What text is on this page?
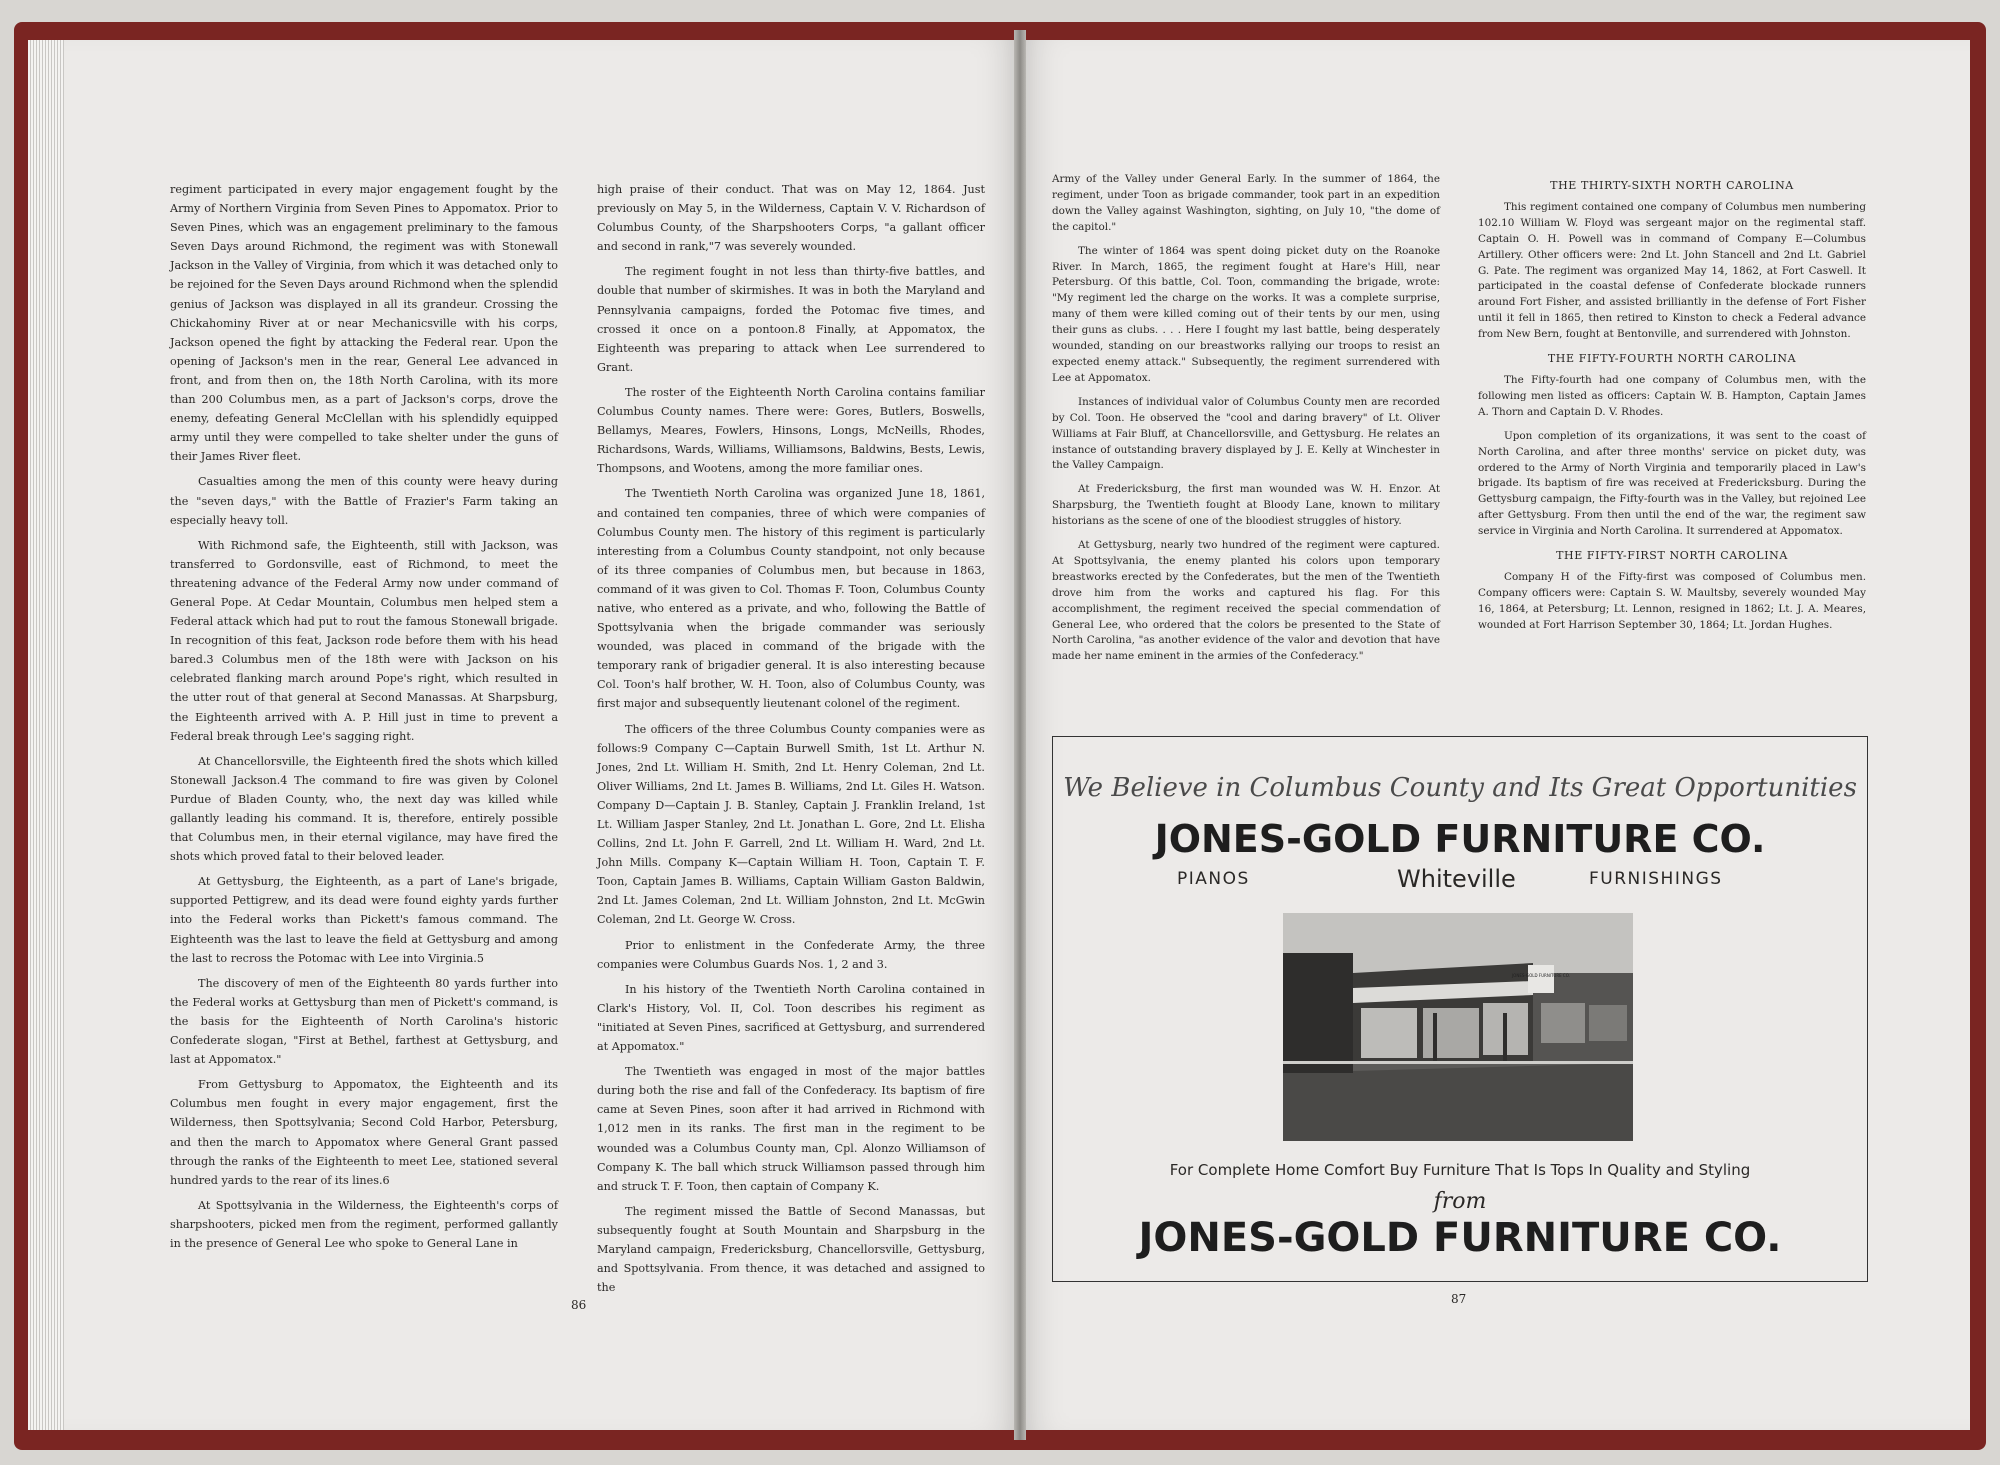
regiment participated in every major engagement fought by the Army of Northern Virginia from Seven Pines to Appomatox. Prior to Seven Pines, which was an engagement preliminary to the famous Seven Days around Richmond, the regiment was with Stonewall Jackson in the Valley of Virginia, from which it was detached only to be rejoined for the Seven Days around Richmond when the splendid genius of Jackson was displayed in all its grandeur. Crossing the Chickahominy River at or near Mechanicsville with his corps, Jackson opened the fight by attacking the Federal rear. Upon the opening of Jackson's men in the rear, General Lee advanced in front, and from then on, the 18th North Carolina, with its more than 200 Columbus men, as a part of Jackson's corps, drove the enemy, defeating General McClellan with his splendidly equipped army until they were compelled to take shelter under the guns of their James River fleet.

Casualties among the men of this county were heavy during the "seven days," with the Battle of Frazier's Farm taking an especially heavy toll.

With Richmond safe, the Eighteenth, still with Jackson, was transferred to Gordonsville, east of Richmond, to meet the threatening advance of the Federal Army now under command of General Pope. At Cedar Mountain, Columbus men helped stem a Federal attack which had put to rout the famous Stonewall brigade. In recognition of this feat, Jackson rode before them with his head bared.3 Columbus men of the 18th were with Jackson on his celebrated flanking march around Pope's right, which resulted in the utter rout of that general at Second Manassas. At Sharpsburg, the Eighteenth arrived with A. P. Hill just in time to prevent a Federal break through Lee's sagging right.

At Chancellorsville, the Eighteenth fired the shots which killed Stonewall Jackson.4 The command to fire was given by Colonel Purdue of Bladen County, who, the next day was killed while gallantly leading his command. It is, therefore, entirely possible that Columbus men, in their eternal vigilance, may have fired the shots which proved fatal to their beloved leader.

At Gettysburg, the Eighteenth, as a part of Lane's brigade, supported Pettigrew, and its dead were found eighty yards further into the Federal works than Pickett's famous command. The Eighteenth was the last to leave the field at Gettysburg and among the last to recross the Potomac with Lee into Virginia.5

The discovery of men of the Eighteenth 80 yards further into the Federal works at Gettysburg than men of Pickett's command, is the basis for the Eighteenth of North Carolina's historic Confederate slogan, "First at Bethel, farthest at Gettysburg, and last at Appomatox."

From Gettysburg to Appomatox, the Eighteenth and its Columbus men fought in every major engagement, first the Wilderness, then Spottsylvania; Second Cold Harbor, Petersburg, and then the march to Appomatox where General Grant passed through the ranks of the Eighteenth to meet Lee, stationed several hundred yards to the rear of its lines.6

At Spottsylvania in the Wilderness, the Eighteenth's corps of sharpshooters, picked men from the regiment, performed gallantly in the presence of General Lee who spoke to General Lane in

high praise of their conduct. That was on May 12, 1864. Just previously on May 5, in the Wilderness, Captain V. V. Richardson of Columbus County, of the Sharpshooters Corps, "a gallant officer and second in rank,"7 was severely wounded.

The regiment fought in not less than thirty-five battles, and double that number of skirmishes. It was in both the Maryland and Pennsylvania campaigns, forded the Potomac five times, and crossed it once on a pontoon.8 Finally, at Appomatox, the Eighteenth was preparing to attack when Lee surrendered to Grant.

The roster of the Eighteenth North Carolina contains familiar Columbus County names. There were: Gores, Butlers, Boswells, Bellamys, Meares, Fowlers, Hinsons, Longs, McNeills, Rhodes, Richardsons, Wards, Williams, Williamsons, Baldwins, Bests, Lewis, Thompsons, and Wootens, among the more familiar ones.

The Twentieth North Carolina was organized June 18, 1861, and contained ten companies, three of which were companies of Columbus County men. The history of this regiment is particularly interesting from a Columbus County standpoint, not only because of its three companies of Columbus men, but because in 1863, command of it was given to Col. Thomas F. Toon, Columbus County native, who entered as a private, and who, following the Battle of Spottsylvania when the brigade commander was seriously wounded, was placed in command of the brigade with the temporary rank of brigadier general. It is also interesting because Col. Toon's half brother, W. H. Toon, also of Columbus County, was first major and subsequently lieutenant colonel of the regiment.

The officers of the three Columbus County companies were as follows:9 Company C—Captain Burwell Smith, 1st Lt. Arthur N. Jones, 2nd Lt. William H. Smith, 2nd Lt. Henry Coleman, 2nd Lt. Oliver Williams, 2nd Lt. James B. Williams, 2nd Lt. Giles H. Watson. Company D—Captain J. B. Stanley, Captain J. Franklin Ireland, 1st Lt. William Jasper Stanley, 2nd Lt. Jonathan L. Gore, 2nd Lt. Elisha Collins, 2nd Lt. John F. Garrell, 2nd Lt. William H. Ward, 2nd Lt. John Mills. Company K—Captain William H. Toon, Captain T. F. Toon, Captain James B. Williams, Captain William Gaston Baldwin, 2nd Lt. James Coleman, 2nd Lt. William Johnston, 2nd Lt. McGwin Coleman, 2nd Lt. George W. Cross.

Prior to enlistment in the Confederate Army, the three companies were Columbus Guards Nos. 1, 2 and 3.

In his history of the Twentieth North Carolina contained in Clark's History, Vol. II, Col. Toon describes his regiment as "initiated at Seven Pines, sacrificed at Gettysburg, and surrendered at Appomatox."

The Twentieth was engaged in most of the major battles during both the rise and fall of the Confederacy. Its baptism of fire came at Seven Pines, soon after it had arrived in Richmond with 1,012 men in its ranks. The first man in the regiment to be wounded was a Columbus County man, Cpl. Alonzo Williamson of Company K. The ball which struck Williamson passed through him and struck T. F. Toon, then captain of Company K.

The regiment missed the Battle of Second Manassas, but subsequently fought at South Mountain and Sharpsburg in the Maryland campaign, Fredericksburg, Chancellorsville, Gettysburg, and Spottsylvania. From thence, it was detached and assigned to the

86

Army of the Valley under General Early. In the summer of 1864, the regiment, under Toon as brigade commander, took part in an expedition down the Valley against Washington, sighting, on July 10, "the dome of the capitol."

The winter of 1864 was spent doing picket duty on the Roanoke River. In March, 1865, the regiment fought at Hare's Hill, near Petersburg. Of this battle, Col. Toon, commanding the brigade, wrote: "My regiment led the charge on the works. It was a complete surprise, many of them were killed coming out of their tents by our men, using their guns as clubs. . . . Here I fought my last battle, being desperately wounded, standing on our breastworks rallying our troops to resist an expected enemy attack." Subsequently, the regiment surrendered with Lee at Appomatox.

Instances of individual valor of Columbus County men are recorded by Col. Toon. He observed the "cool and daring bravery" of Lt. Oliver Williams at Fair Bluff, at Chancellorsville, and Gettysburg. He relates an instance of outstanding bravery displayed by J. E. Kelly at Winchester in the Valley Campaign.

At Fredericksburg, the first man wounded was W. H. Enzor. At Sharpsburg, the Twentieth fought at Bloody Lane, known to military historians as the scene of one of the bloodiest struggles of history.

At Gettysburg, nearly two hundred of the regiment were captured. At Spottsylvania, the enemy planted his colors upon temporary breastworks erected by the Confederates, but the men of the Twentieth drove him from the works and captured his flag. For this accomplishment, the regiment received the special commendation of General Lee, who ordered that the colors be presented to the State of North Carolina, "as another evidence of the valor and devotion that have made her name eminent in the armies of the Confederacy."

THE THIRTY-SIXTH NORTH CAROLINA

This regiment contained one company of Columbus men numbering 102.10 William W. Floyd was sergeant major on the regimental staff. Captain O. H. Powell was in command of Company E—Columbus Artillery. Other officers were: 2nd Lt. John Stancell and 2nd Lt. Gabriel G. Pate. The regiment was organized May 14, 1862, at Fort Caswell. It participated in the coastal defense of Confederate blockade runners around Fort Fisher, and assisted brilliantly in the defense of Fort Fisher until it fell in 1865, then retired to Kinston to check a Federal advance from New Bern, fought at Bentonville, and surrendered with Johnston.

THE FIFTY-FOURTH NORTH CAROLINA

The Fifty-fourth had one company of Columbus men, with the following men listed as officers: Captain W. B. Hampton, Captain James A. Thorn and Captain D. V. Rhodes.

Upon completion of its organizations, it was sent to the coast of North Carolina, and after three months' service on picket duty, was ordered to the Army of North Virginia and temporarily placed in Law's brigade. Its baptism of fire was received at Fredericksburg. During the Gettysburg campaign, the Fifty-fourth was in the Valley, but rejoined Lee after Gettysburg. From then until the end of the war, the regiment saw service in Virginia and North Carolina. It surrendered at Appomatox.

THE FIFTY-FIRST NORTH CAROLINA

Company H of the Fifty-first was composed of Columbus men. Company officers were: Captain S. W. Maultsby, severely wounded May 16, 1864, at Petersburg; Lt. Lennon, resigned in 1862; Lt. J. A. Meares, wounded at Fort Harrison September 30, 1864; Lt. Jordan Hughes.

We Believe in Columbus County and Its Great Opportunities
JONES-GOLD FURNITURE CO.
PIANOS	Whiteville	FURNISHINGS
JONES-GOLD FURNITURE CO.
For Complete Home Comfort Buy Furniture That Is Tops In Quality and Styling
from
JONES-GOLD FURNITURE CO.
87
